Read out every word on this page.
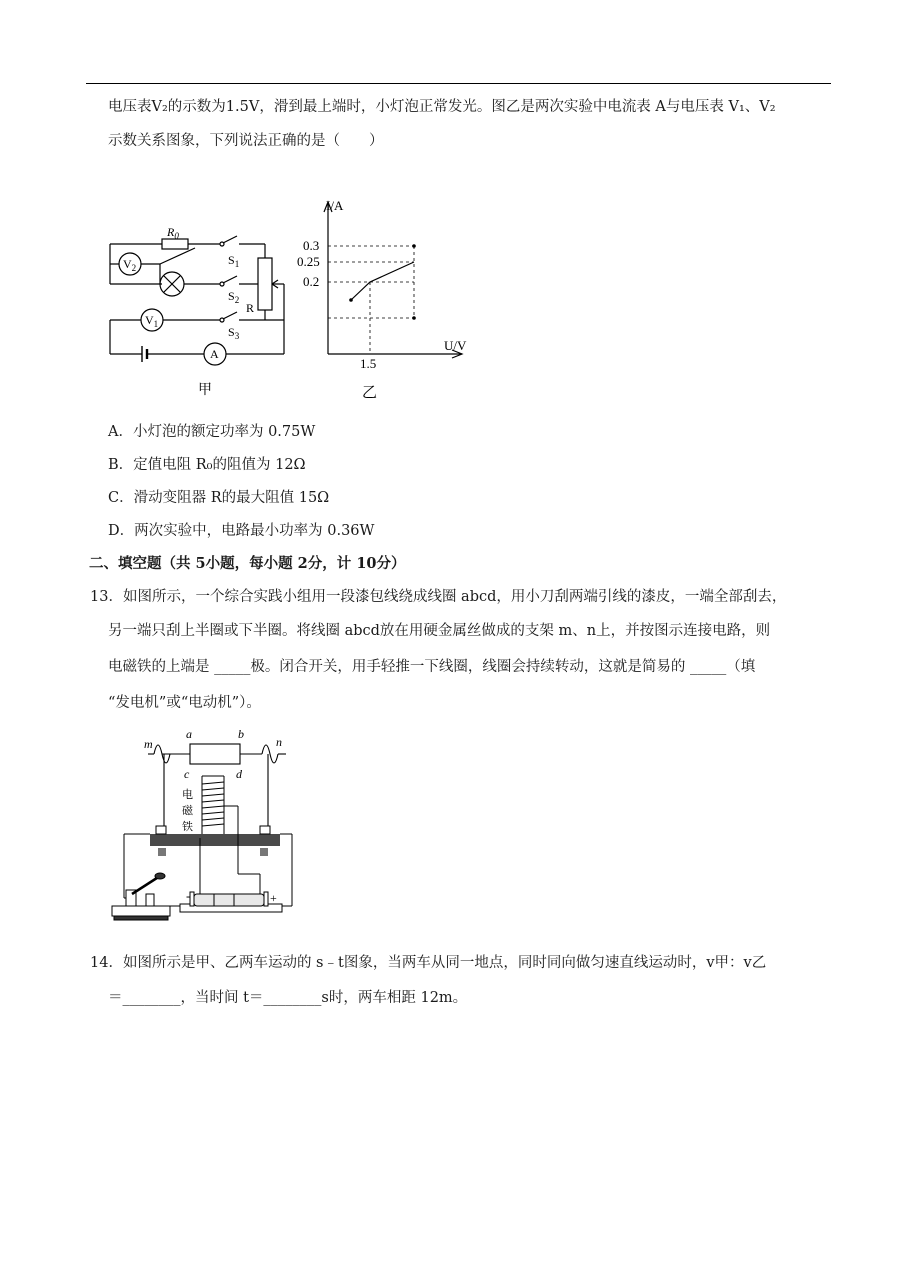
电压表V₂的示数为1.5V，滑到最上端时，小灯泡正常发光。图乙是两次实验中电流表 A与电压表 V₁、V₂
示数关系图象，下列说法正确的是（　　）
$R_0$
$V_2$
$V_1$
A
$S_1$
$S_2$
$S_3$
R
甲
I/A
U/V
0.3
0.25
0.2
1.5
乙
A．小灯泡的额定功率为 0.75W
B．定值电阻 R₀的阻值为 12Ω
C．滑动变阻器 R的最大阻值 15Ω
D．两次实验中，电路最小功率为 0.36W
二、填空题（共 5小题，每小题 2分，计 10分）
13．如图所示，一个综合实践小组用一段漆包线绕成线圈 abcd，用小刀刮两端引线的漆皮，一端全部刮去，
另一端只刮上半圈或下半圈。将线圈 abcd放在用硬金属丝做成的支架 m、n上，并按图示连接电路，则
电磁铁的上端是 _____极。闭合开关，用手轻推一下线圈，线圈会持续转动，这就是简易的 _____（填
“发电机”或“电动机”）。
m	n
a	b
c	d
电
磁
铁
-	+
14．如图所示是甲、乙两车运动的 s﹣t图象，当两车从同一地点，同时同向做匀速直线运动时，v甲：v乙
＝________，当时间 t＝________s时，两车相距 12m。
